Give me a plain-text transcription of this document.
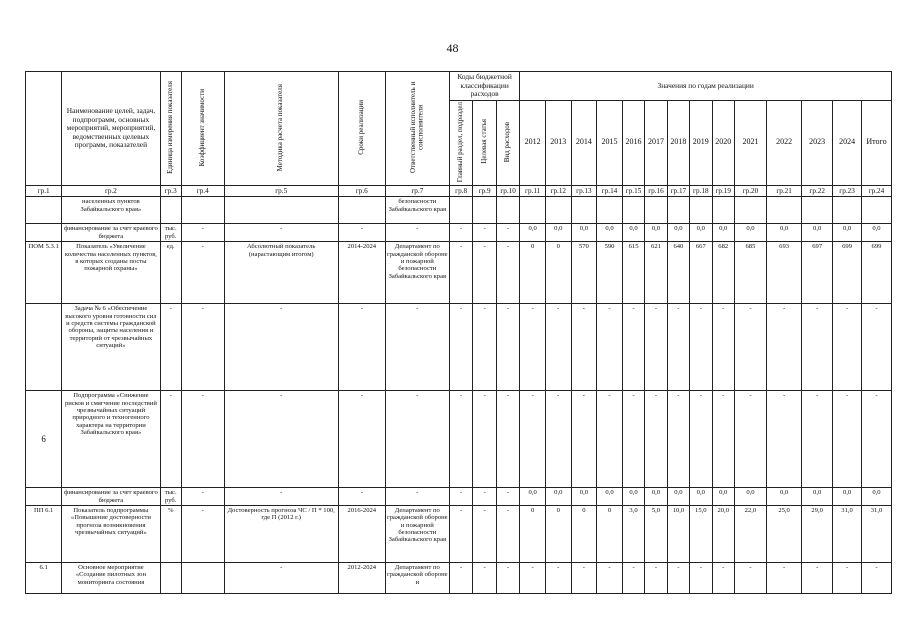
48
	Наименование целей, задач, подпрограмм, основных мероприятий, мероприятий, ведомственных целевых программ, показателей	Единица измерения показателя	Коэффициент значимости	Методика расчета показателя	Сроки реализации	Ответственный исполнитель и соисполнители	Коды бюджетной классификации расходов			Значения по годам реализации													
							Главный раздел, подраздел	Целевая статья	Вид расходов	2012	2013	2014	2015	2016	2017	2018	2019	2020	2021	2022	2023	2024	Итого
гр.1	гр.2	гр.3	гр.4	гр.5	гр.6	гр.7	гр.8	гр.9	гр.10	гр.11	гр.12	гр.13	гр.14	гр.15	гр.16	гр.17	гр.18	гр.19	гр.20	гр.21	гр.22	гр.23	гр.24
	населенных пунктов Забайкальского края»					безопасности Забайкальского края																	
	финансирование за счет краевого бюджета	тыс. руб.	-	-	-	-	-	-	-	0,0	0,0	0,0	0,0	0,0	0,0	0,0	0,0	0,0	0,0	0,0	0,0	0,0	0,0
ПОМ 5.3.1	Показатель «Увеличение количества населенных пунктов, в которых созданы посты пожарной охраны»	ед.	-	Абсолютный показатель (нарастающим итогом)	2014-2024	Департамент по гражданской обороне и пожарной безопасности Забайкальского края	-	-	-	0	0	570	590	615	621	640	667	682	685	693	697	699	699
	Задача № 6 «Обеспечение высокого уровня готовности сил и средств системы гражданской обороны, защиты населения и территорий от чрезвычайных ситуаций»	-	-	-	-	-	-	-	-	-	-	-	-	-	-	-	-	-	-	-	-	-	-
6	Подпрограмма «Снижение рисков и смягчение последствий чрезвычайных ситуаций природного и техногенного характера на территории Забайкальского края»	-	-	-	-	-	-	-	-	-	-	-	-	-	-	-	-	-	-	-	-	-	-
	финансирование за счет краевого бюджета	тыс. руб.	-	-	-	-	-	-	-	0,0	0,0	0,0	0,0	0,0	0,0	0,0	0,0	0,0	0,0	0,0	0,0	0,0	0,0
ПП 6.1	Показатель подпрограммы «Повышение достоверности прогноза возникновения чрезвычайных ситуаций»	%	-	Достоверность прогноза ЧС / П * 100, где П (2012 г.)	2016-2024	Департамент по гражданской обороне и пожарной безопасности Забайкальского края	-	-	-	0	0	0	0	3,0	5,0	10,0	15,0	20,0	22,0	25,0	29,0	31,0	31,0
6.1	Основное мероприятие «Создание пилотных зон мониторинга состояния			-	2012-2024	Департамент по гражданской обороне и	-	-	-	-	-	-	-	-	-	-	-	-	-	-	-	-	-
